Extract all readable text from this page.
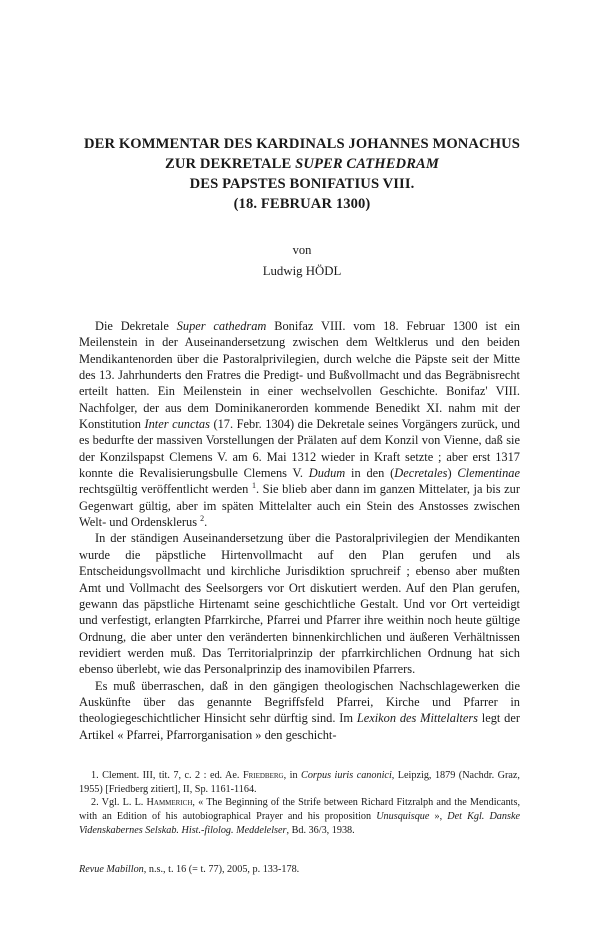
DER KOMMENTAR DES KARDINALS JOHANNES MONACHUS
ZUR DEKRETALE SUPER CATHEDRAM
DES PAPSTES BONIFATIUS VIII.
(18. FEBRUAR 1300)
von
Ludwig HÖDL

Die Dekretale Super cathedram Bonifaz VIII. vom 18. Februar 1300 ist ein Meilenstein in der Auseinandersetzung zwischen dem Weltklerus und den beiden Mendikantenorden über die Pastoralprivilegien, durch welche die Päpste seit der Mitte des 13. Jahrhunderts den Fratres die Predigt- und Bußvollmacht und das Begräbnisrecht erteilt hatten. Ein Meilenstein in einer wechselvollen Geschichte. Bonifaz' VIII. Nachfolger, der aus dem Dominikanerorden kommende Benedikt XI. nahm mit der Konstitution Inter cunctas (17. Febr. 1304) die Dekretale seines Vorgängers zurück, und es bedurfte der massiven Vorstellungen der Prälaten auf dem Konzil von Vienne, daß sie der Konzilspapst Clemens V. am 6. Mai 1312 wieder in Kraft setzte ; aber erst 1317 konnte die Revalisierungsbulle Clemens V. Dudum in den (Decretales) Clementinae rechtsgültig veröffentlicht werden $^1$. Sie blieb aber dann im ganzen Mittelater, ja bis zur Gegenwart gültig, aber im späten Mittelalter auch ein Stein des Anstosses zwischen Welt- und Ordensklerus $^2$.

In der ständigen Auseinandersetzung über die Pastoralprivilegien der Mendikanten wurde die päpstliche Hirtenvollmacht auf den Plan gerufen und als Entscheidungsvollmacht und kirchliche Jurisdiktion spruchreif ; ebenso aber mußten Amt und Vollmacht des Seelsorgers vor Ort diskutiert werden. Auf den Plan gerufen, gewann das päpstliche Hirtenamt seine geschichtliche Gestalt. Und vor Ort verteidigt und verfestigt, erlangten Pfarrkirche, Pfarrei und Pfarrer ihre weithin noch heute gültige Ordnung, die aber unter den veränderten binnenkirchlichen und äußeren Verhältnissen revidiert werden muß. Das Territorialprinzip der pfarrkirchlichen Ordnung hat sich ebenso überlebt, wie das Personalprinzip des inamovibilen Pfarrers.

Es muß überraschen, daß in den gängigen theologischen Nachschlagewerken die Auskünfte über das genannte Begriffsfeld Pfarrei, Kirche und Pfarrer in theologiegeschichtlicher Hinsicht sehr dürftig sind. Im Lexikon des Mittelalters legt der Artikel « Pfarrei, Pfarrorganisation » den geschicht-

1. Clement. III, tit. 7, c. 2 : ed. Ae. Friedberg, in Corpus iuris canonici, Leipzig, 1879 (Nachdr. Graz, 1955) [Friedberg zitiert], II, Sp. 1161-1164.

2. Vgl. L. L. Hammerich, « The Beginning of the Strife between Richard Fitzralph and the Mendicants, with an Edition of his autobiographical Prayer and his proposition Unusquisque », Det Kgl. Danske Videnskabernes Selskab. Hist.-filolog. Meddelelser, Bd. 36/3, 1938.

Revue Mabillon, n.s., t. 16 (= t. 77), 2005, p. 133-178.
